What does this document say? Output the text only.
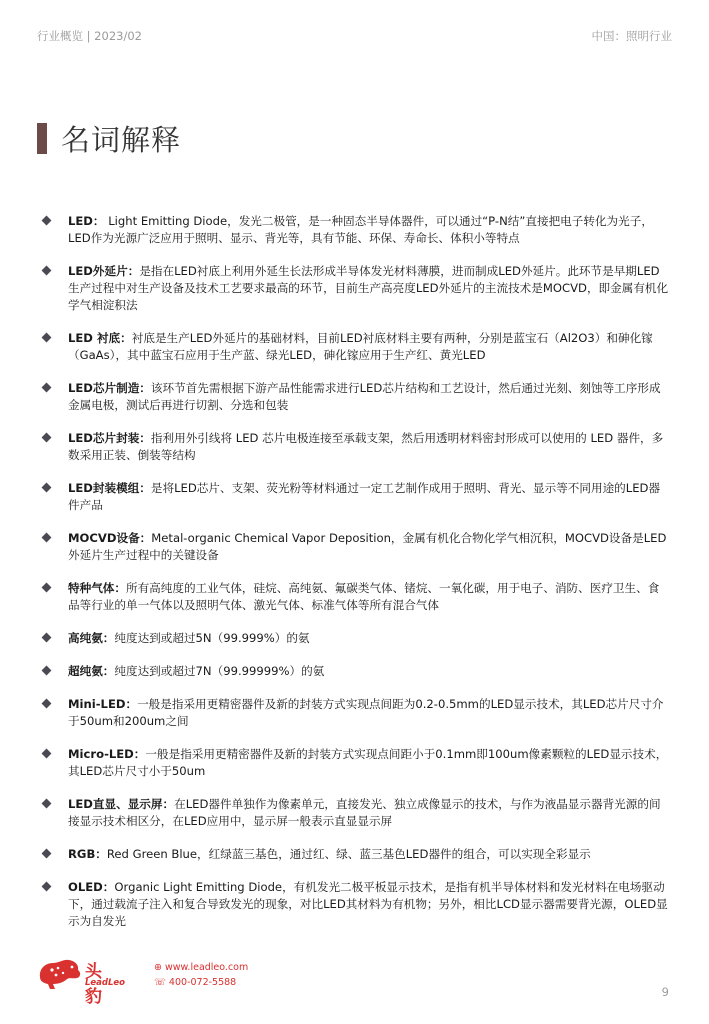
行业概览 | 2023/02	中国：照明行业
名词解释
LED： Light Emitting Diode，发光二极管，是一种固态半导体器件，可以通过“P-N结”直接把电子转化为光子，LED作为光源广泛应用于照明、显示、背光等，具有节能、环保、寿命长、体积小等特点
LED外延片：是指在LED衬底上利用外延生长法形成半导体发光材料薄膜，进而制成LED外延片。此环节是早期LED生产过程中对生产设备及技术工艺要求最高的环节，目前生产高亮度LED外延片的主流技术是MOCVD，即金属有机化学气相淀积法
LED 衬底：衬底是生产LED外延片的基础材料，目前LED衬底材料主要有两种，分别是蓝宝石（Al2O3）和砷化镓（GaAs），其中蓝宝石应用于生产蓝、绿光LED，砷化镓应用于生产红、黄光LED
LED芯片制造：该环节首先需根据下游产品性能需求进行LED芯片结构和工艺设计，然后通过光刻、刻蚀等工序形成金属电极，测试后再进行切割、分选和包装
LED芯片封装：指利用外引线将 LED 芯片电极连接至承载支架，然后用透明材料密封形成可以使用的 LED 器件，多数采用正装、倒装等结构
LED封装模组：是将LED芯片、支架、荧光粉等材料通过一定工艺制作成用于照明、背光、显示等不同用途的LED器件产品
MOCVD设备：Metal-organic Chemical Vapor Deposition，金属有机化合物化学气相沉积，MOCVD设备是LED外延片生产过程中的关键设备
特种气体：所有高纯度的工业气体，硅烷、高纯氨、氟碳类气体、锗烷、一氧化碳，用于电子、消防、医疗卫生、食品等行业的单一气体以及照明气体、激光气体、标准气体等所有混合气体
高纯氨：纯度达到或超过5N（99.999%）的氨
超纯氨：纯度达到或超过7N（99.99999%）的氨
Mini-LED：一般是指采用更精密器件及新的封装方式实现点间距为0.2-0.5mm的LED显示技术，其LED芯片尺寸介于50um和200um之间
Micro-LED：一般是指采用更精密器件及新的封装方式实现点间距小于0.1mm即100um像素颗粒的LED显示技术，其LED芯片尺寸小于50um
LED直显、显示屏：在LED器件单独作为像素单元，直接发光、独立成像显示的技术，与作为液晶显示器背光源的间接显示技术相区分，在LED应用中，显示屏一般表示直显显示屏
RGB：Red Green Blue，红绿蓝三基色，通过红、绿、蓝三基色LED器件的组合，可以实现全彩显示
OLED：Organic Light Emitting Diode，有机发光二极平板显示技术，是指有机半导体材料和发光材料在电场驱动下，通过载流子注入和复合导致发光的现象，对比LED其材料为有机物；另外，相比LCD显示器需要背光源，OLED显示为自发光
头豹
LeadLeo
⊕ www.leadleo.com
☏ 400-072-5588
9
